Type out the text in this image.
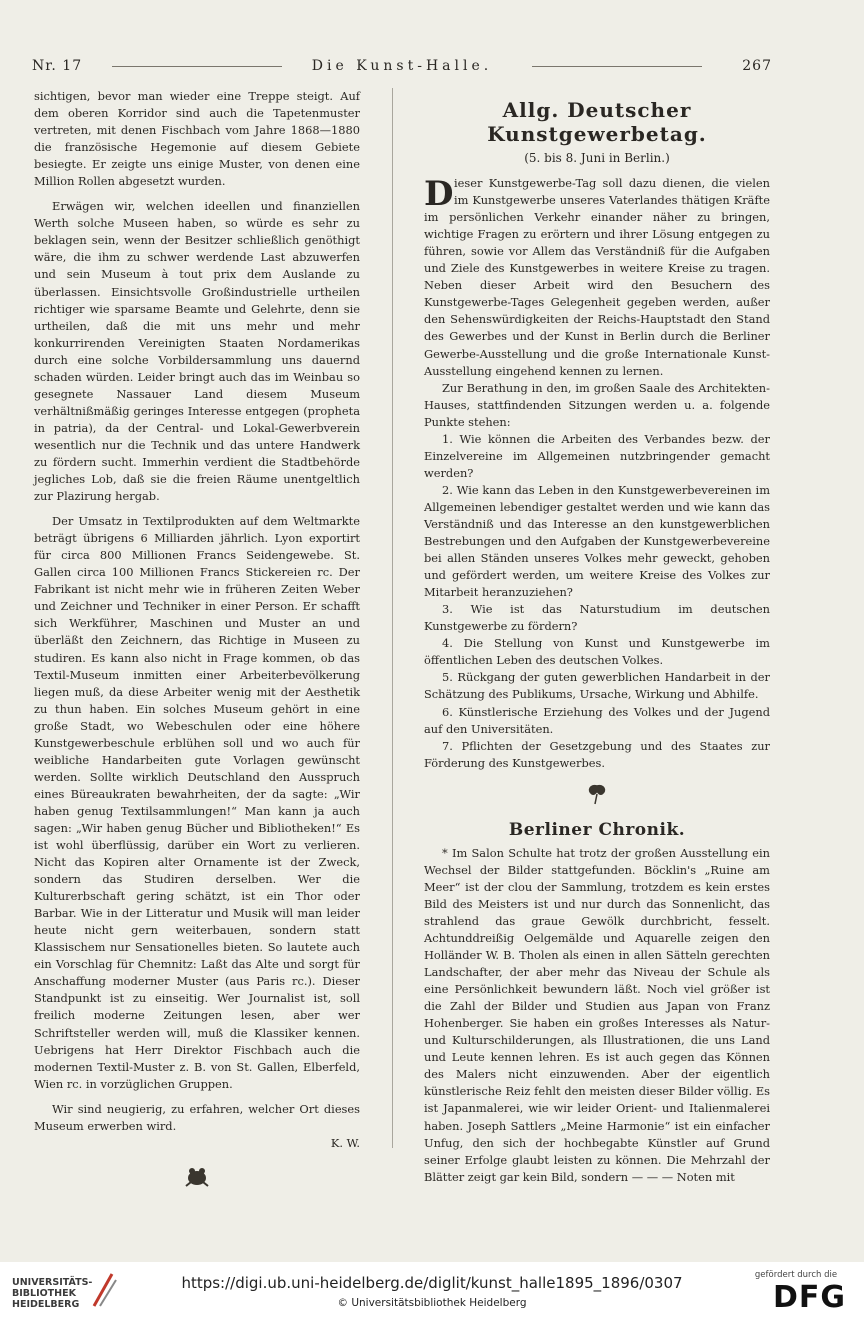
Nr. 17	Die Kunst-Halle.	267

sichtigen, bevor man wieder eine Treppe steigt. Auf dem oberen Korridor sind auch die Tapetenmuster vertreten, mit denen Fischbach vom Jahre 1868—1880 die französische Hegemonie auf diesem Gebiete besiegte. Er zeigte uns einige Muster, von denen eine Million Rollen abgesetzt wurden.

Erwägen wir, welchen ideellen und finanziellen Werth solche Museen haben, so würde es sehr zu beklagen sein, wenn der Besitzer schließlich genöthigt wäre, die ihm zu schwer werdende Last abzuwerfen und sein Museum à tout prix dem Auslande zu überlassen. Einsichtsvolle Großindustrielle urtheilen richtiger wie sparsame Beamte und Gelehrte, denn sie urtheilen, daß die mit uns mehr und mehr konkurrirenden Vereinigten Staaten Nordamerikas durch eine solche Vorbildersammlung uns dauernd schaden würden. Leider bringt auch das im Weinbau so gesegnete Nassauer Land diesem Museum verhältnißmäßig geringes Interesse entgegen (propheta in patria), da der Central- und Lokal-Gewerbverein wesentlich nur die Technik und das untere Handwerk zu fördern sucht. Immerhin verdient die Stadtbehörde jegliches Lob, daß sie die freien Räume unentgeltlich zur Plazirung hergab.

Der Umsatz in Textilprodukten auf dem Weltmarkte beträgt übrigens 6 Milliarden jährlich. Lyon exportirt für circa 800 Millionen Francs Seidengewebe. St. Gallen circa 100 Millionen Francs Stickereien rc. Der Fabrikant ist nicht mehr wie in früheren Zeiten Weber und Zeichner und Techniker in einer Person. Er schafft sich Werkführer, Maschinen und Muster an und überläßt den Zeichnern, das Richtige in Museen zu studiren. Es kann also nicht in Frage kommen, ob das Textil-Museum inmitten einer Arbeiterbevölkerung liegen muß, da diese Arbeiter wenig mit der Aesthetik zu thun haben. Ein solches Museum gehört in eine große Stadt, wo Webeschulen oder eine höhere Kunstgewerbeschule erblühen soll und wo auch für weibliche Handarbeiten gute Vorlagen gewünscht werden. Sollte wirklich Deutschland den Ausspruch eines Büreaukraten bewahrheiten, der da sagte: „Wir haben genug Textilsammlungen!“ Man kann ja auch sagen: „Wir haben genug Bücher und Bibliotheken!“ Es ist wohl überflüssig, darüber ein Wort zu verlieren. Nicht das Kopiren alter Ornamente ist der Zweck, sondern das Studiren derselben. Wer die Kulturerbschaft gering schätzt, ist ein Thor oder Barbar. Wie in der Litteratur und Musik will man leider heute nicht gern weiterbauen, sondern statt Klassischem nur Sensationelles bieten. So lautete auch ein Vorschlag für Chemnitz: Laßt das Alte und sorgt für Anschaffung moderner Muster (aus Paris rc.). Dieser Standpunkt ist zu einseitig. Wer Journalist ist, soll freilich moderne Zeitungen lesen, aber wer Schriftsteller werden will, muß die Klassiker kennen. Uebrigens hat Herr Direktor Fischbach auch die modernen Textil-Muster z. B. von St. Gallen, Elberfeld, Wien rc. in vorzüglichen Gruppen.

Wir sind neugierig, zu erfahren, welcher Ort dieses Museum erwerben wird.

K. W.
Allg. Deutscher Kunstgewerbetag.
(5. bis 8. Juni in Berlin.)

Dieser Kunstgewerbe-Tag soll dazu dienen, die vielen im Kunstgewerbe unseres Vaterlandes thätigen Kräfte im persönlichen Verkehr einander näher zu bringen, wichtige Fragen zu erörtern und ihrer Lösung entgegen zu führen, sowie vor Allem das Verständniß für die Aufgaben und Ziele des Kunstgewerbes in weitere Kreise zu tragen. Neben dieser Arbeit wird den Besuchern des Kunstgewerbe-Tages Gelegenheit gegeben werden, außer den Sehenswürdigkeiten der Reichs-Hauptstadt den Stand des Gewerbes und der Kunst in Berlin durch die Berliner Gewerbe-Ausstellung und die große Internationale Kunst-Ausstellung eingehend kennen zu lernen.

Zur Berathung in den, im großen Saale des Architekten-Hauses, stattfindenden Sitzungen werden u. a. folgende Punkte stehen:

1. Wie können die Arbeiten des Verbandes bezw. der Einzelvereine im Allgemeinen nutzbringender gemacht werden?

2. Wie kann das Leben in den Kunstgewerbevereinen im Allgemeinen lebendiger gestaltet werden und wie kann das Verständniß und das Interesse an den kunstgewerblichen Bestrebungen und den Aufgaben der Kunstgewerbevereine bei allen Ständen unseres Volkes mehr geweckt, gehoben und gefördert werden, um weitere Kreise des Volkes zur Mitarbeit heranzuziehen?

3. Wie ist das Naturstudium im deutschen Kunstgewerbe zu fördern?

4. Die Stellung von Kunst und Kunstgewerbe im öffentlichen Leben des deutschen Volkes.

5. Rückgang der guten gewerblichen Handarbeit in der Schätzung des Publikums, Ursache, Wirkung und Abhilfe.

6. Künstlerische Erziehung des Volkes und der Jugend auf den Universitäten.

7. Pflichten der Gesetzgebung und des Staates zur Förderung des Kunstgewerbes.

Berliner Chronik.

* Im Salon Schulte hat trotz der großen Ausstellung ein Wechsel der Bilder stattgefunden. Böcklin's „Ruine am Meer“ ist der clou der Sammlung, trotzdem es kein erstes Bild des Meisters ist und nur durch das Sonnenlicht, das strahlend das graue Gewölk durchbricht, fesselt. Achtunddreißig Oelgemälde und Aquarelle zeigen den Holländer W. B. Tholen als einen in allen Sätteln gerechten Landschafter, der aber mehr das Niveau der Schule als eine Persönlichkeit bewundern läßt. Noch viel größer ist die Zahl der Bilder und Studien aus Japan von Franz Hohenberger. Sie haben ein großes Interesses als Natur- und Kulturschilderungen, als Illustrationen, die uns Land und Leute kennen lehren. Es ist auch gegen das Können des Malers nicht einzuwenden. Aber der eigentlich künstlerische Reiz fehlt den meisten dieser Bilder völlig. Es ist Japanmalerei, wie wir leider Orient- und Italienmalerei haben. Joseph Sattlers „Meine Harmonie“ ist ein einfacher Unfug, den sich der hochbegabte Künstler auf Grund seiner Erfolge glaubt leisten zu können. Die Mehrzahl der Blätter zeigt gar kein Bild, sondern — — — Noten mit

UNIVERSITÄTS-
BIBLIOTHEK
HEIDELBERG
https://digi.ub.uni-heidelberg.de/diglit/kunst_halle1895_1896/0307
© Universitätsbibliothek Heidelberg
gefördert durch die
DFG
